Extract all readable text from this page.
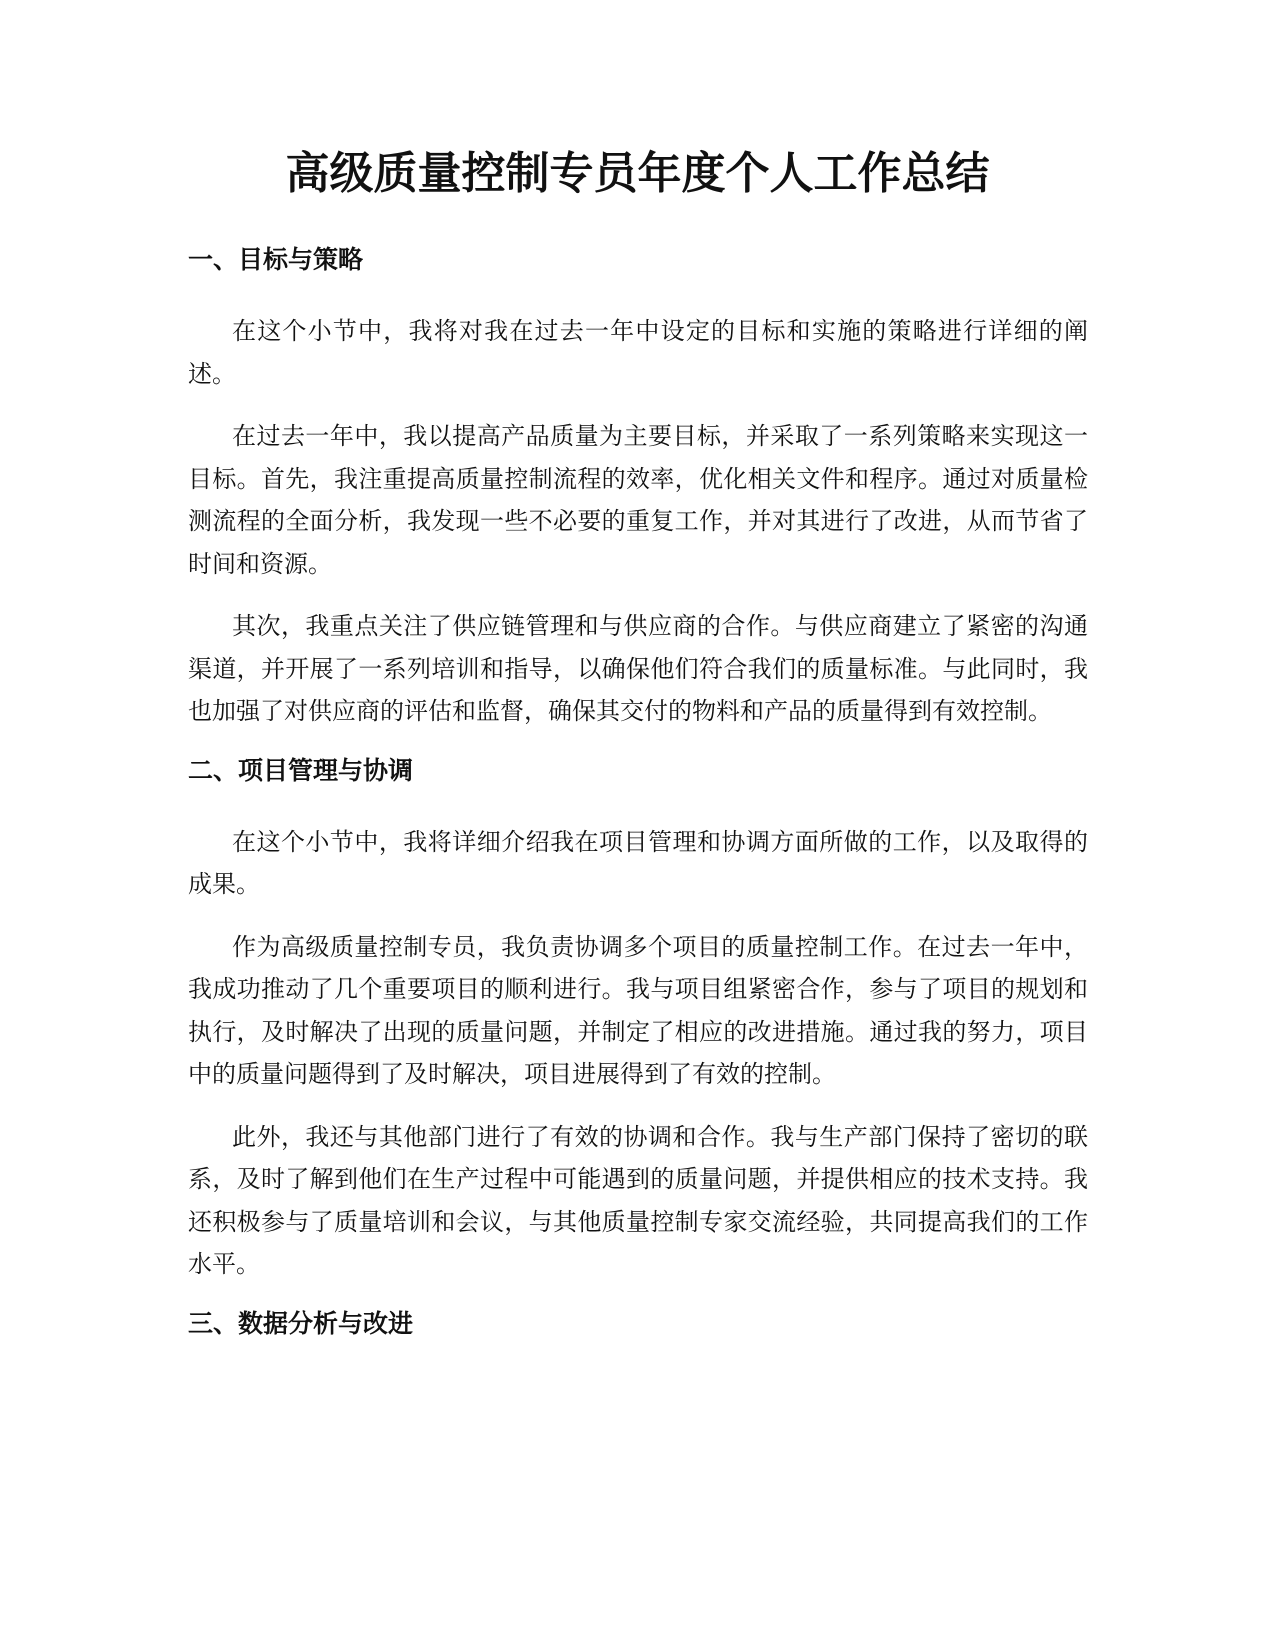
高级质量控制专员年度个人工作总结
一、目标与策略

在这个小节中，我将对我在过去一年中设定的目标和实施的策略进行详细的阐述。

在过去一年中，我以提高产品质量为主要目标，并采取了一系列策略来实现这一目标。首先，我注重提高质量控制流程的效率，优化相关文件和程序。通过对质量检测流程的全面分析，我发现一些不必要的重复工作，并对其进行了改进，从而节省了时间和资源。

其次，我重点关注了供应链管理和与供应商的合作。与供应商建立了紧密的沟通渠道，并开展了一系列培训和指导，以确保他们符合我们的质量标准。与此同时，我也加强了对供应商的评估和监督，确保其交付的物料和产品的质量得到有效控制。

二、项目管理与协调

在这个小节中，我将详细介绍我在项目管理和协调方面所做的工作，以及取得的成果。

作为高级质量控制专员，我负责协调多个项目的质量控制工作。在过去一年中，我成功推动了几个重要项目的顺利进行。我与项目组紧密合作，参与了项目的规划和执行，及时解决了出现的质量问题，并制定了相应的改进措施。通过我的努力，项目中的质量问题得到了及时解决，项目进展得到了有效的控制。

此外，我还与其他部门进行了有效的协调和合作。我与生产部门保持了密切的联系，及时了解到他们在生产过程中可能遇到的质量问题，并提供相应的技术支持。我还积极参与了质量培训和会议，与其他质量控制专家交流经验，共同提高我们的工作水平。

三、数据分析与改进
